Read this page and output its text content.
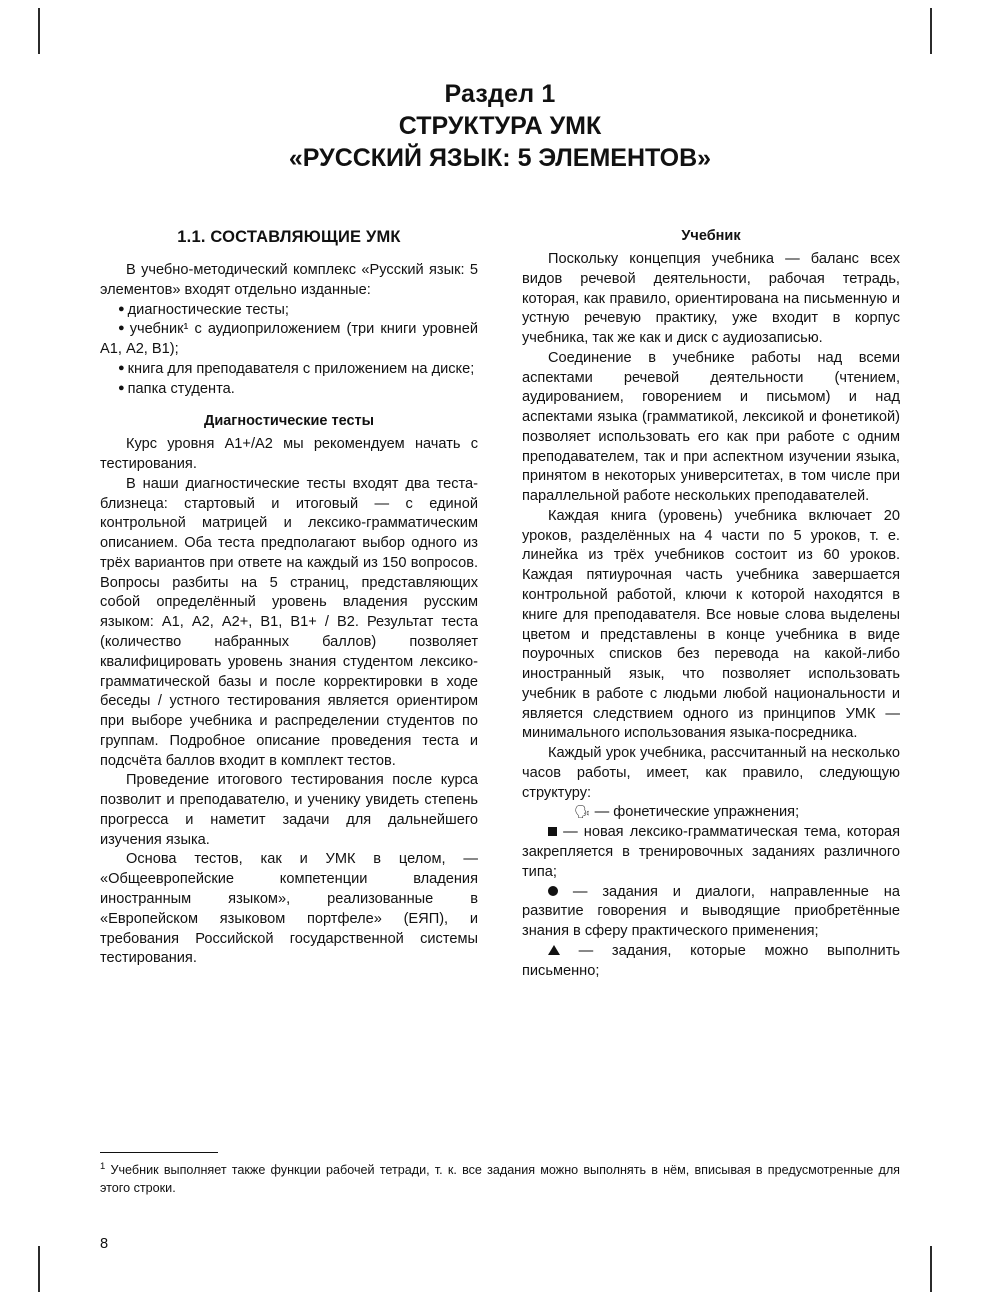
Раздел 1
СТРУКТУРА УМК
«РУССКИЙ ЯЗЫК: 5 ЭЛЕМЕНТОВ»
1.1. СОСТАВЛЯЮЩИЕ УМК

В учебно-методический комплекс «Русский язык: 5 элементов» входят отдельно изданные:

● диагностические тесты;

● учебник¹ с аудиоприложением (три книги уровней А1, А2, В1);

● книга для преподавателя с приложением на диске;

● папка студента.

Диагностические тесты

Курс уровня А1+/А2 мы рекомендуем начать с тестирования.

В наши диагностические тесты входят два теста-близнеца: стартовый и итоговый — с единой контрольной матрицей и лексико-грамматическим описанием. Оба теста предполагают выбор одного из трёх вариантов при ответе на каждый из 150 вопросов. Вопросы разбиты на 5 страниц, представляющих собой определённый уровень владения русским языком: А1, А2, А2+, В1, В1+ / В2. Результат теста (количество набранных баллов) позволяет квалифицировать уровень знания студентом лексико-грамматической базы и после корректировки в ходе беседы / устного тестирования является ориентиром при выборе учебника и распределении студентов по группам. Подробное описание проведения теста и подсчёта баллов входит в комплект тестов.

Проведение итогового тестирования после курса позволит и преподавателю, и ученику увидеть степень прогресса и наметит задачи для дальнейшего изучения языка.

Основа тестов, как и УМК в целом, — «Общеевропейские компетенции владения иностранным языком», реализованные в «Европейском языковом портфеле» (ЕЯП), и требования Российской государственной системы тестирования.

Учебник

Поскольку концепция учебника — баланс всех видов речевой деятельности, рабочая тетрадь, которая, как правило, ориентирована на письменную и устную речевую практику, уже входит в корпус учебника, так же как и диск с аудиозаписью.

Соединение в учебнике работы над всеми аспектами речевой деятельности (чтением, аудированием, говорением и письмом) и над аспектами языка (грамматикой, лексикой и фонетикой) позволяет использовать его как при работе с одним преподавателем, так и при аспектном изучении языка, принятом в некоторых университетах, в том числе при параллельной работе нескольких преподавателей.

Каждая книга (уровень) учебника включает 20 уроков, разделённых на 4 части по 5 уроков, т. е. линейка из трёх учебников состоит из 60 уроков. Каждая пятиурочная часть учебника завершается контрольной работой, ключи к которой находятся в книге для преподавателя. Все новые слова выделены цветом и представлены в конце учебника в виде поурочных списков без перевода на какой-либо иностранный язык, что позволяет использовать учебник в работе с людьми любой национальности и является следствием одного из принципов УМК — минимального использования языка-посредника.

Каждый урок учебника, рассчитанный на несколько часов работы, имеет, как правило, следующую структуру:

🗣 — фонетические упражнения;

— новая лексико-грамматическая тема, которая закрепляется в тренировочных заданиях различного типа;

— задания и диалоги, направленные на развитие говорения и выводящие приобретённые знания в сферу практического применения;

— задания, которые можно выполнить письменно;

$^1$ Учебник выполняет также функции рабочей тетради, т. к. все задания можно выполнять в нём, вписывая в предусмотренные для этого строки.
8
